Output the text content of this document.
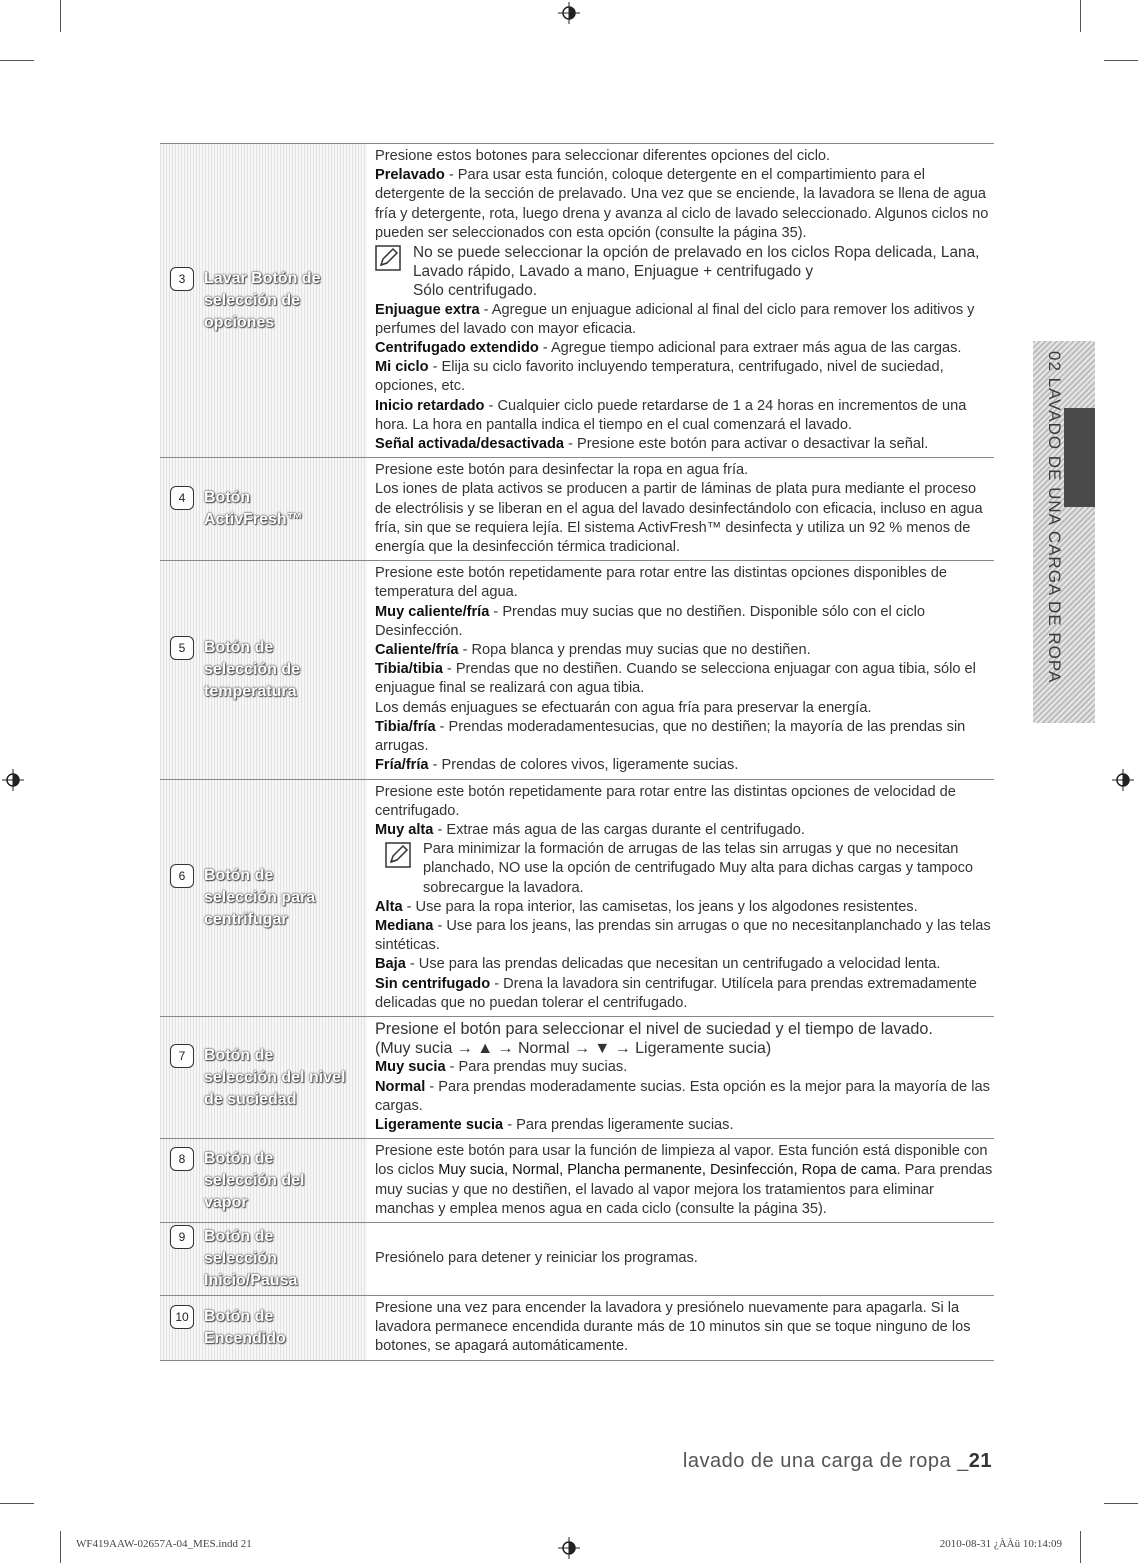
02 LAVADO DE UNA CARGA DE ROPA
3	Lavar Botón de
selección de
opciones

Presione estos botones para seleccionar diferentes opciones del ciclo.

Prelavado - Para usar esta función, coloque detergente en el compartimiento para el detergente de la sección de prelavado. Una vez que se enciende, la lavadora se llena de agua fría y detergente, rota, luego drena y avanza al ciclo de lavado seleccionado. Algunos ciclos no pueden ser seleccionados con esta opción (consulte la página 35).

No se puede seleccionar la opción de prelavado en los ciclos Ropa delicada, Lana, Lavado rápido, Lavado a mano, Enjuague + centrifugado y
Sólo centrifugado.

Enjuague extra - Agregue un enjuague adicional al final del ciclo para remover los aditivos y perfumes del lavado con mayor eficacia.

Centrifugado extendido - Agregue tiempo adicional para extraer más agua de las cargas.

Mi ciclo - Elija su ciclo favorito incluyendo temperatura, centrifugado, nivel de suciedad, opciones, etc.

Inicio retardado - Cualquier ciclo puede retardarse de 1 a 24 horas en incrementos de una hora. La hora en pantalla indica el tiempo en el cual comenzará el lavado.

Señal activada/desactivada - Presione este botón para activar o desactivar la señal.

4	Botón
ActivFresh™

Presione este botón para desinfectar la ropa en agua fría.

Los iones de plata activos se producen a partir de láminas de plata pura mediante el proceso de electrólisis y se liberan en el agua del lavado desinfectándolo con eficacia, incluso en agua fría, sin que se requiera lejía. El sistema ActivFresh™ desinfecta y utiliza un 92 % menos de energía que la desinfección térmica tradicional.

5	Botón de
selección de
temperatura

Presione este botón repetidamente para rotar entre las distintas opciones disponibles de temperatura del agua.

Muy caliente/fría - Prendas muy sucias que no destiñen. Disponible sólo con el ciclo Desinfección.

Caliente/fría - Ropa blanca y prendas muy sucias que no destiñen.

Tibia/tibia - Prendas que no destiñen. Cuando se selecciona enjuagar con agua tibia, sólo el enjuague final se realizará con agua tibia.

Los demás enjuagues se efectuarán con agua fría para preservar la energía.

Tibia/fría - Prendas moderadamentesucias, que no destiñen; la mayoría de las prendas sin arrugas.

Fría/fría - Prendas de colores vivos, ligeramente sucias.

6	Botón de
selección para
centrifugar

Presione este botón repetidamente para rotar entre las distintas opciones de velocidad de centrifugado.

Muy alta - Extrae más agua de las cargas durante el centrifugado.

Para minimizar la formación de arrugas de las telas sin arrugas y que no necesitan planchado, NO use la opción de centrifugado Muy alta para dichas cargas y tampoco sobrecargue la lavadora.

Alta - Use para la ropa interior, las camisetas, los jeans y los algodones resistentes.

Mediana - Use para los jeans, las prendas sin arrugas o que no necesitanplanchado y las telas sintéticas.

Baja - Use para las prendas delicadas que necesitan un centrifugado a velocidad lenta.

Sin centrifugado - Drena la lavadora sin centrifugar. Utilícela para prendas extremadamente delicadas que no puedan tolerar el centrifugado.

7	Botón de
selección del nivel
de suciedad

Presione el botón para seleccionar el nivel de suciedad y el tiempo de lavado.

(Muy sucia → ▲ → Normal → ▼ → Ligeramente sucia)

Muy sucia - Para prendas muy sucias.

Normal - Para prendas moderadamente sucias. Esta opción es la mejor para la mayoría de las cargas.

Ligeramente sucia - Para prendas ligeramente sucias.

8	Botón de
selección del
vapor

Presione este botón para usar la función de limpieza al vapor. Esta función está disponible con los ciclos Muy sucia, Normal, Plancha permanente, Desinfección, Ropa de cama. Para prendas muy sucias y que no destiñen, el lavado al vapor mejora los tratamientos para eliminar manchas y emplea menos agua en cada ciclo (consulte la página 35).

9	Botón de
selección
Inicio/Pausa

Presiónelo para detener y reiniciar los programas.

10 Botón de
Encendido

Presione una vez para encender la lavadora y presiónelo nuevamente para apagarla. Si la lavadora permanece encendida durante más de 10 minutos sin que se toque ninguno de los botones, se apagará automáticamente.

lavado de una carga de ropa _21
WF419AAW-02657A-04_MES.indd 21	2010-08-31 ¿ÀÀü 10:14:09
